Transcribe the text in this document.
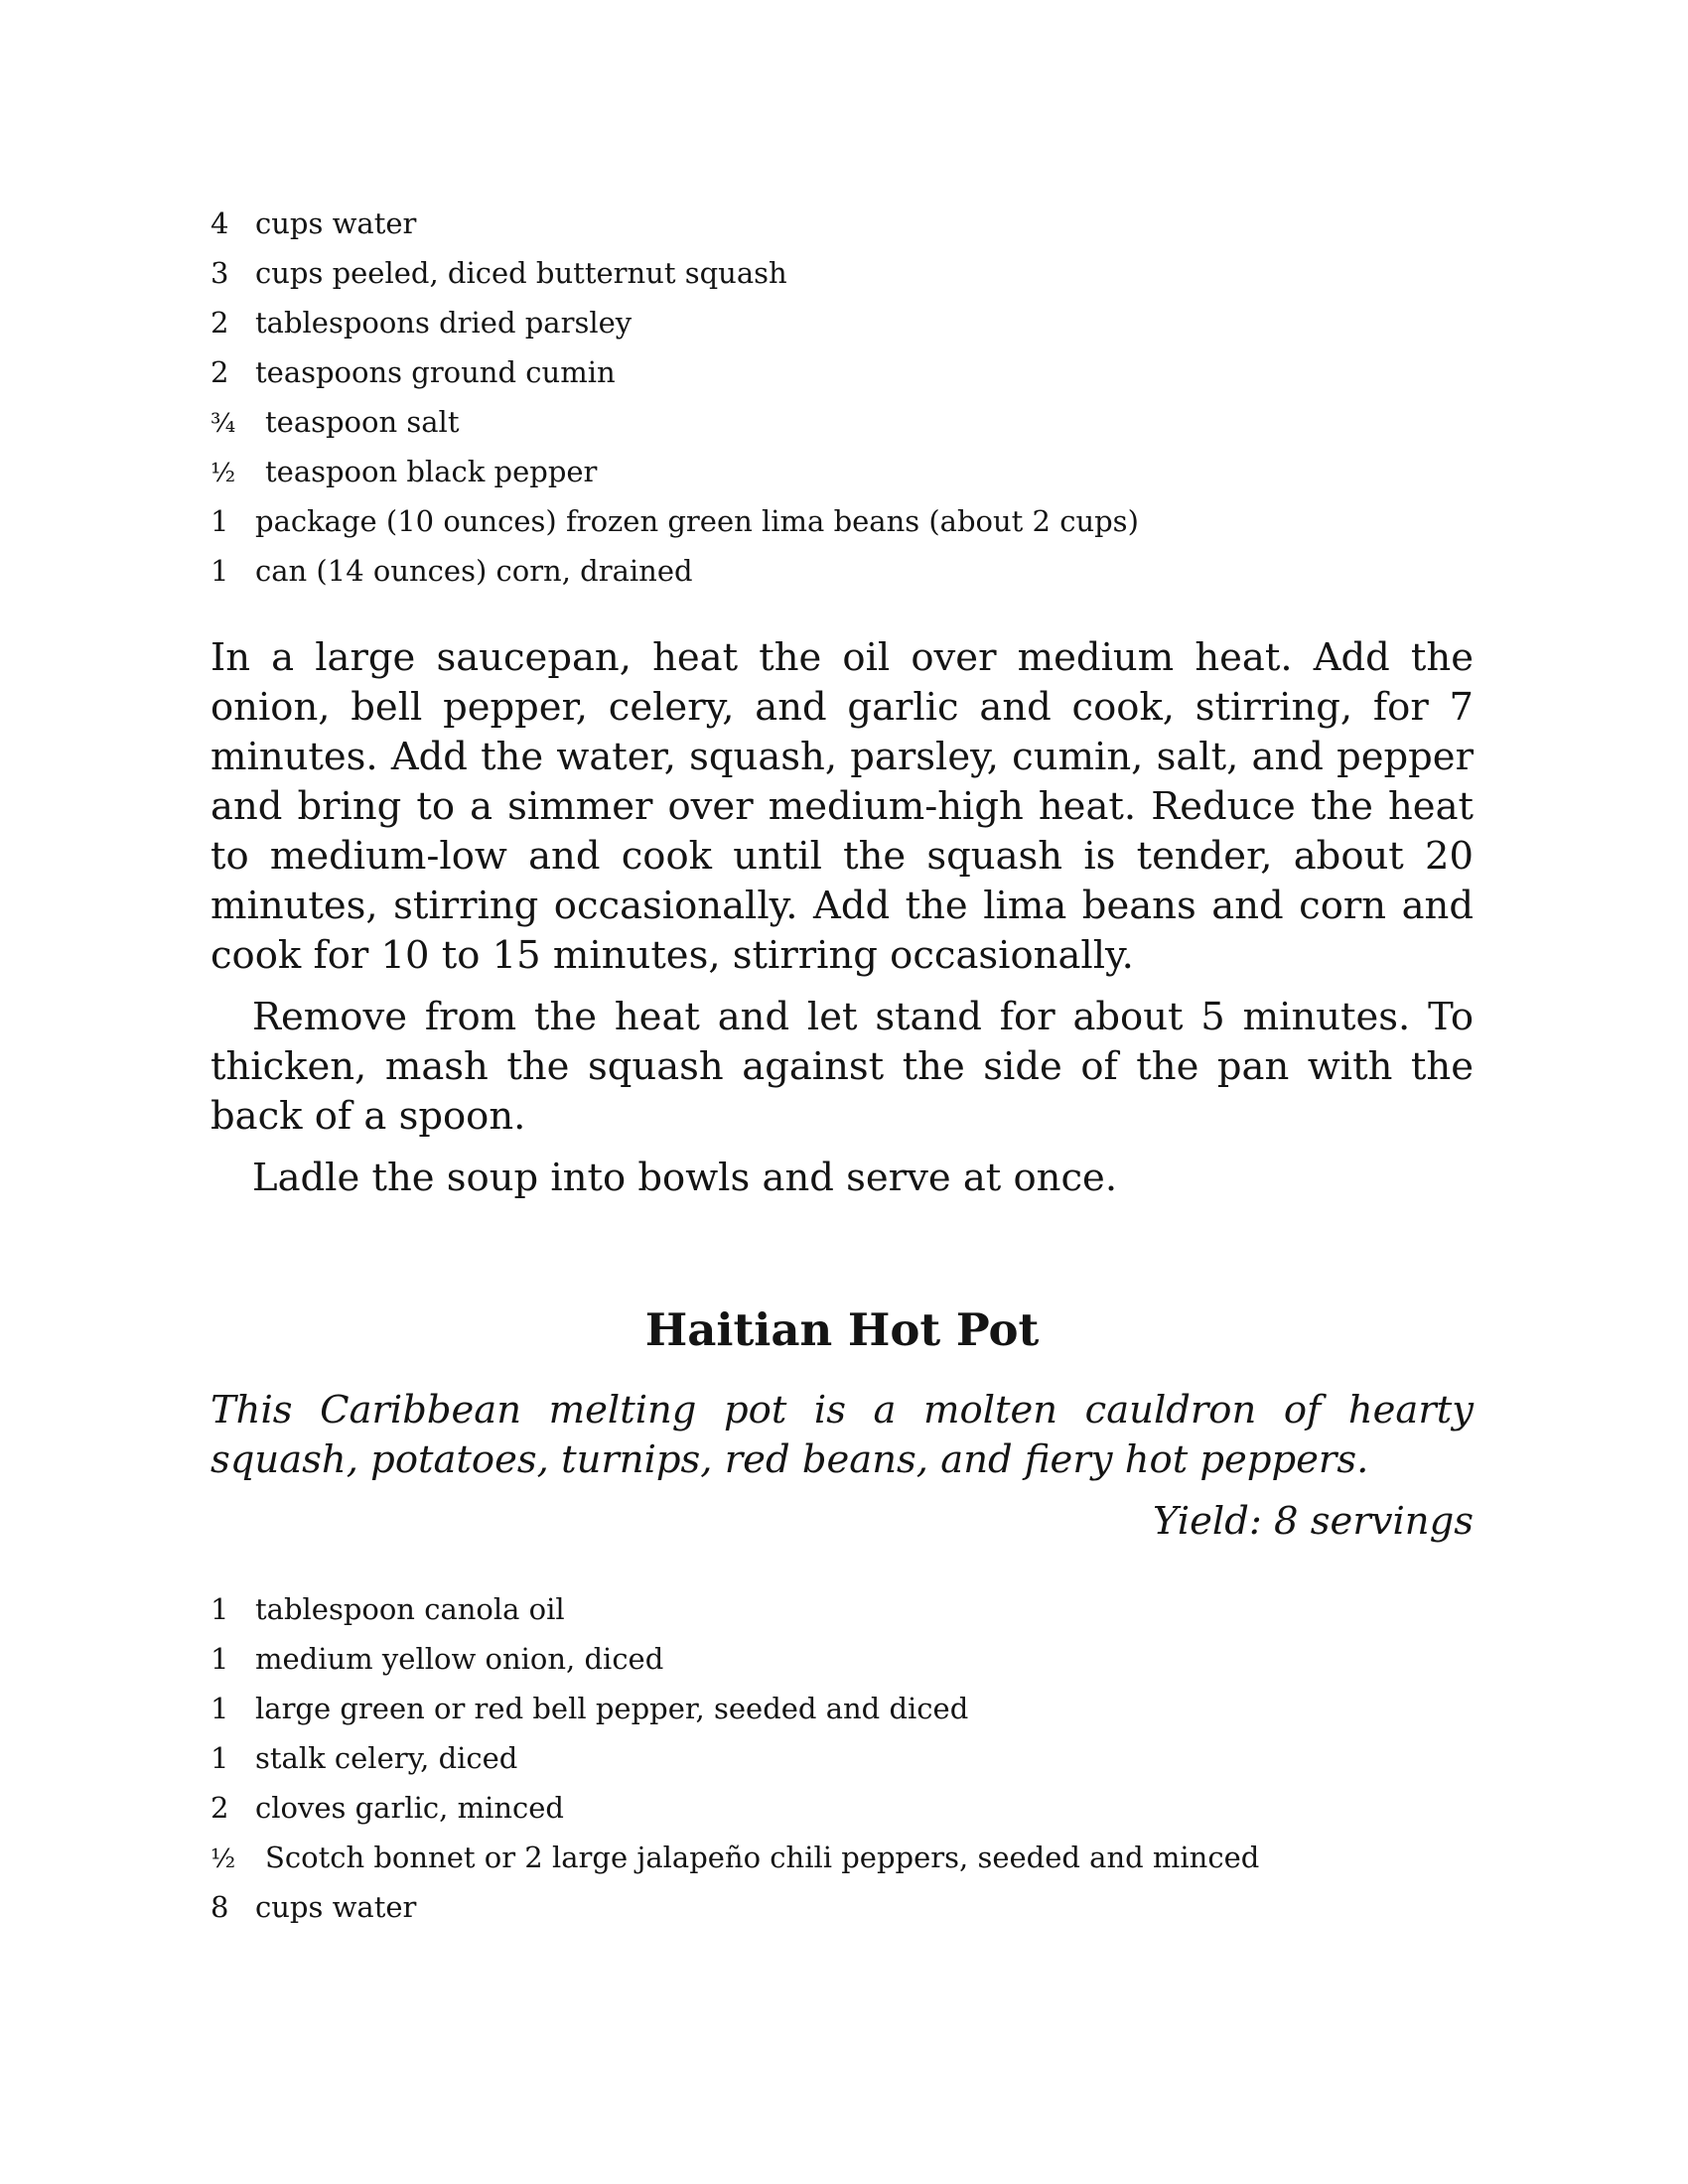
4 cups water
3 cups peeled, diced butternut squash
2 tablespoons dried parsley
2 teaspoons ground cumin
¾	teaspoon salt
½	teaspoon black pepper
1 package (10 ounces) frozen green lima beans (about 2 cups)
1 can (14 ounces) corn, drained

In a large saucepan, heat the oil over medium heat. Add the onion, bell pepper, celery, and garlic and cook, stirring, for 7 minutes. Add the water, squash, parsley, cumin, salt, and pepper and bring to a simmer over medium-high heat. Reduce the heat to medium-low and cook until the squash is tender, about 20 minutes, stirring occasionally. Add the lima beans and corn and cook for 10 to 15 minutes, stirring occasionally.

Remove from the heat and let stand for about 5 minutes. To thicken, mash the squash against the side of the pan with the back of a spoon.

Ladle the soup into bowls and serve at once.

Haitian Hot Pot

This Caribbean melting pot is a molten cauldron of hearty squash, potatoes, turnips, red beans, and fiery hot peppers.

Yield: 8 servings

1 tablespoon canola oil
1 medium yellow onion, diced
1 large green or red bell pepper, seeded and diced
1 stalk celery, diced
2 cloves garlic, minced
½	Scotch bonnet or 2 large jalapeño chili peppers, seeded and minced
8 cups water
